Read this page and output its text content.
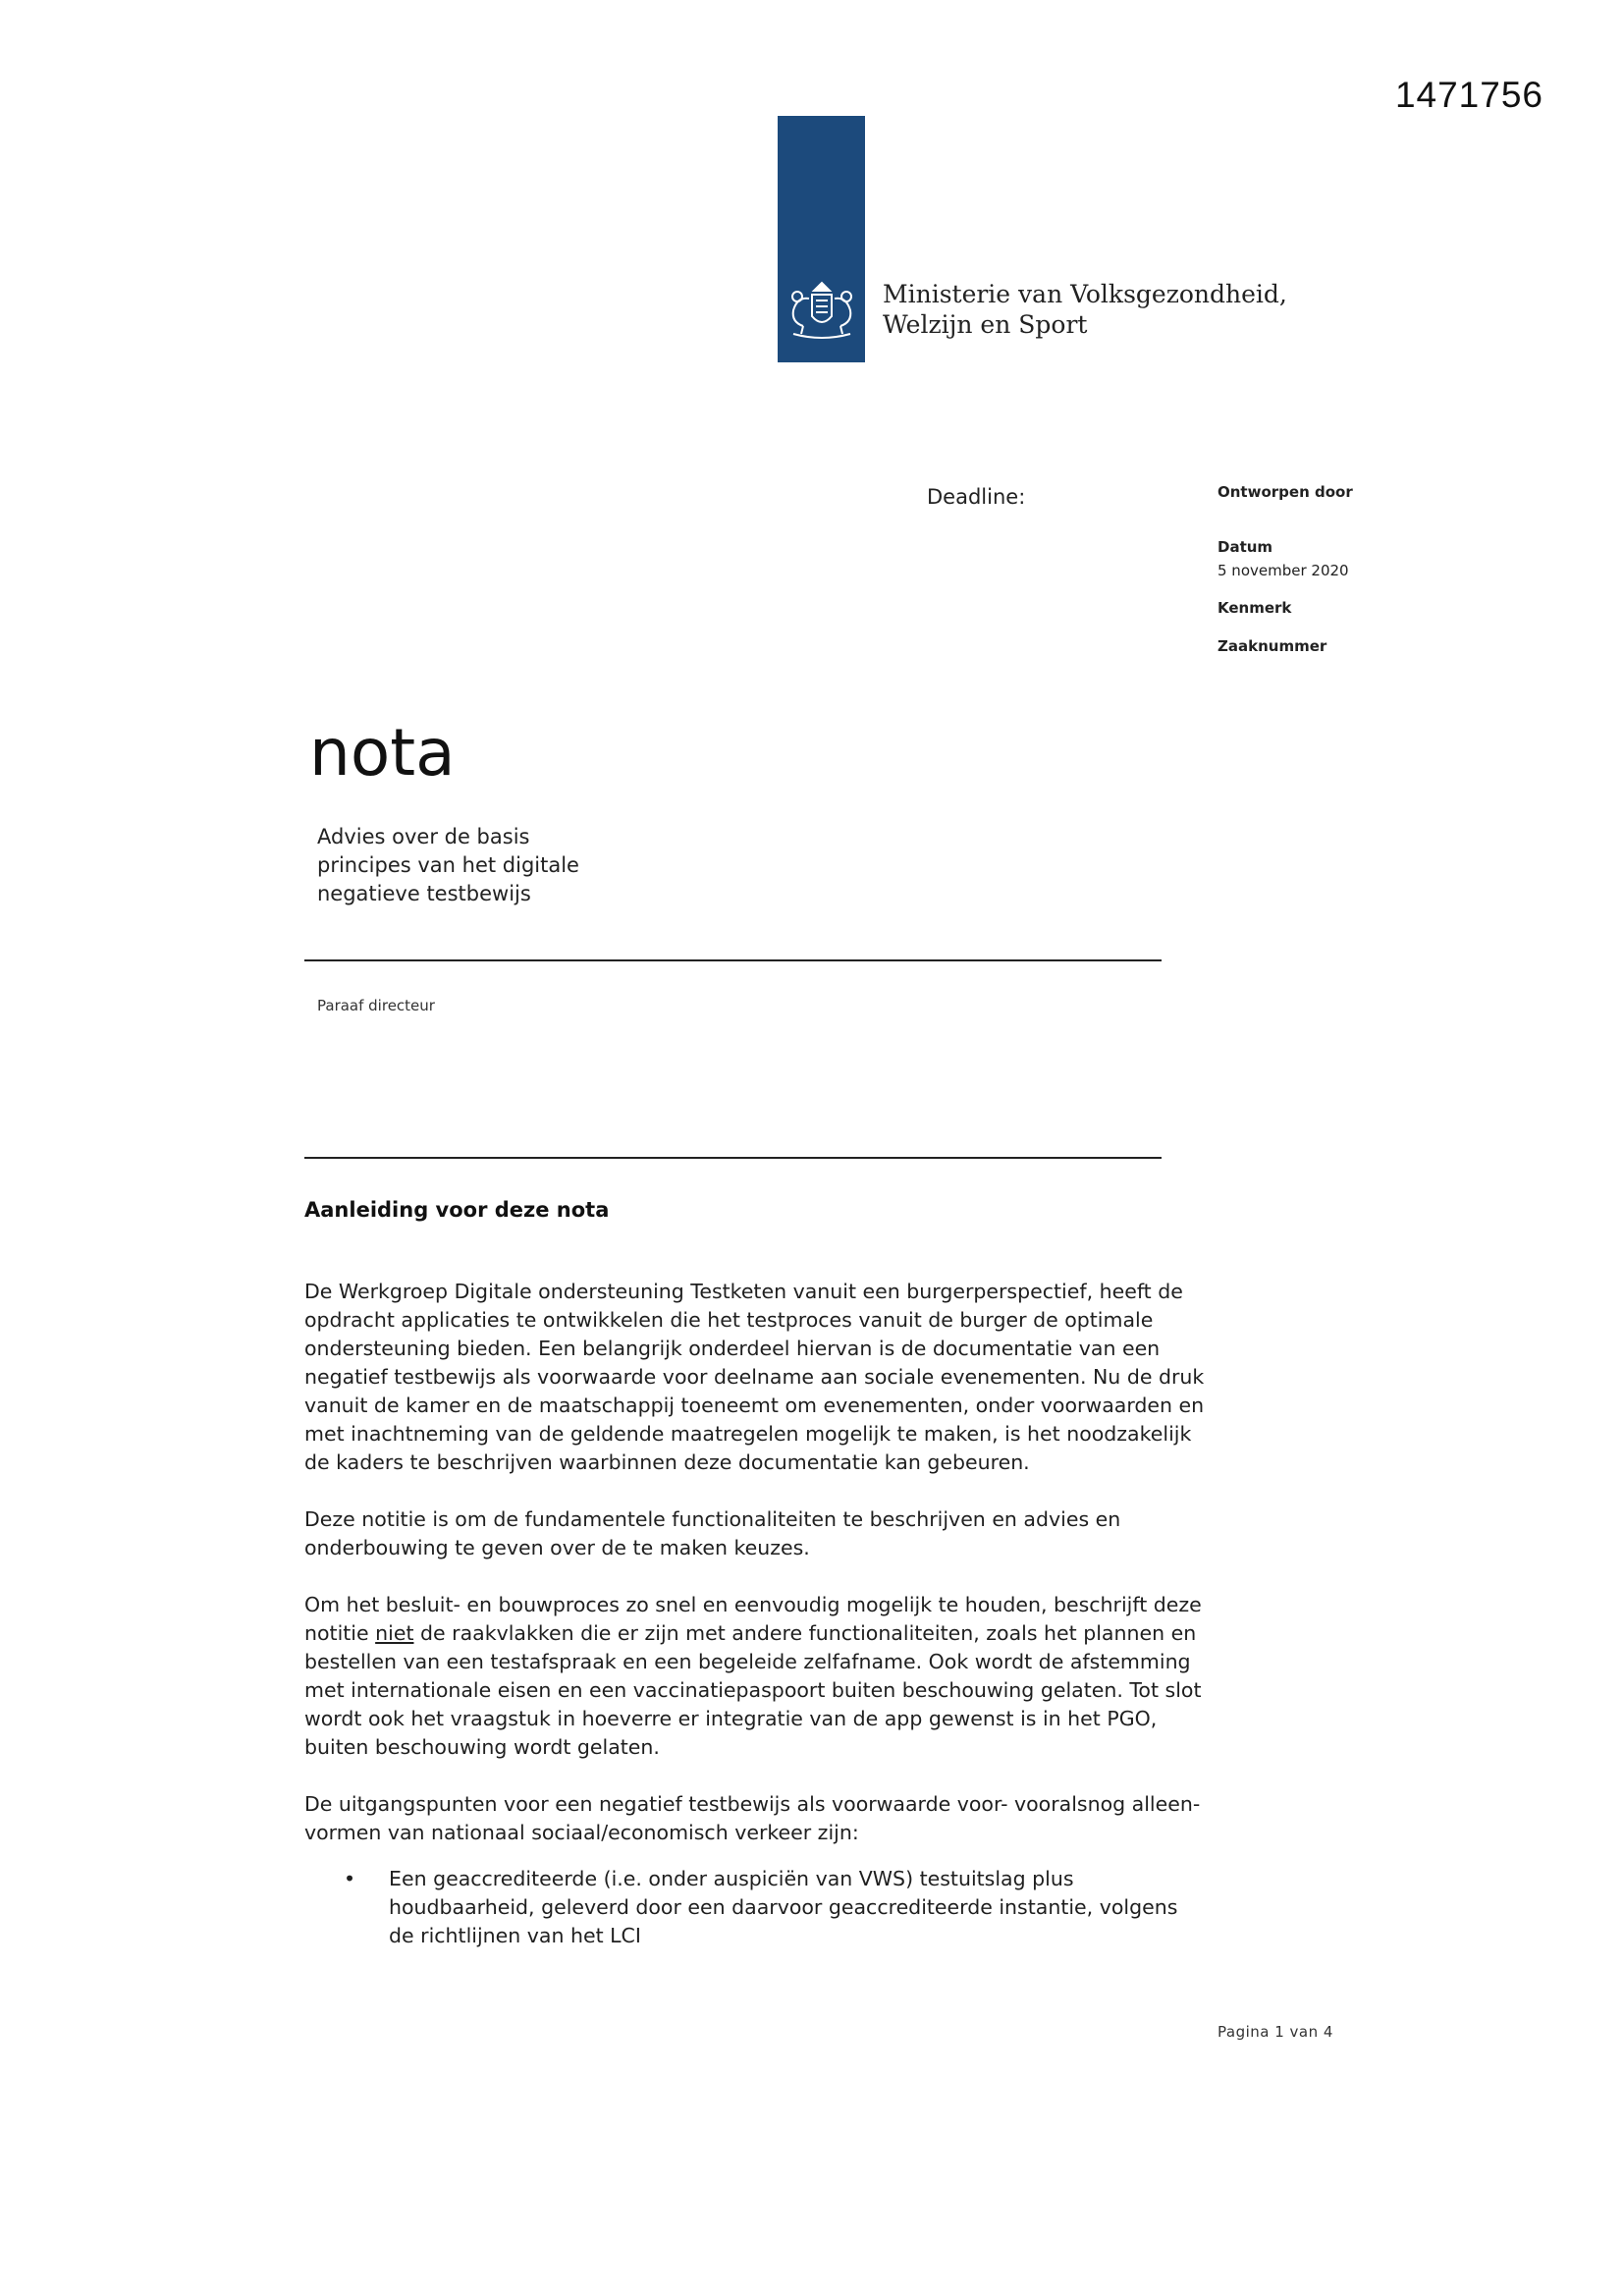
1471756
Ministerie van Volksgezondheid,
Welzijn en Sport
Deadline:	Ontworpen door
Datum
5 november 2020
Kenmerk
Zaaknummer
nota
Advies over de basis
principes van het digitale
negatieve testbewijs
Paraaf directeur
Aanleiding voor deze nota

De Werkgroep Digitale ondersteuning Testketen vanuit een burgerperspectief, heeft de opdracht applicaties te ontwikkelen die het testproces vanuit de burger de optimale ondersteuning bieden. Een belangrijk onderdeel hiervan is de documentatie van een negatief testbewijs als voorwaarde voor deelname aan sociale evenementen. Nu de druk vanuit de kamer en de maatschappij toeneemt om evenementen, onder voorwaarden en met inachtneming van de geldende maatregelen mogelijk te maken, is het noodzakelijk de kaders te beschrijven waarbinnen deze documentatie kan gebeuren.

Deze notitie is om de fundamentele functionaliteiten te beschrijven en advies en onderbouwing te geven over de te maken keuzes.

Om het besluit- en bouwproces zo snel en eenvoudig mogelijk te houden, beschrijft deze notitie niet de raakvlakken die er zijn met andere functionaliteiten, zoals het plannen en bestellen van een testafspraak en een begeleide zelfafname. Ook wordt de afstemming met internationale eisen en een vaccinatiepaspoort buiten beschouwing gelaten. Tot slot wordt ook het vraagstuk in hoeverre er integratie van de app gewenst is in het PGO, buiten beschouwing wordt gelaten.

De uitgangspunten voor een negatief testbewijs als voorwaarde voor- vooralsnog alleen- vormen van nationaal sociaal/economisch verkeer zijn:

• Een geaccrediteerde (i.e. onder auspiciën van VWS) testuitslag plus houdbaarheid, geleverd door een daarvoor geaccrediteerde instantie, volgens de richtlijnen van het LCI
Pagina 1 van 4
